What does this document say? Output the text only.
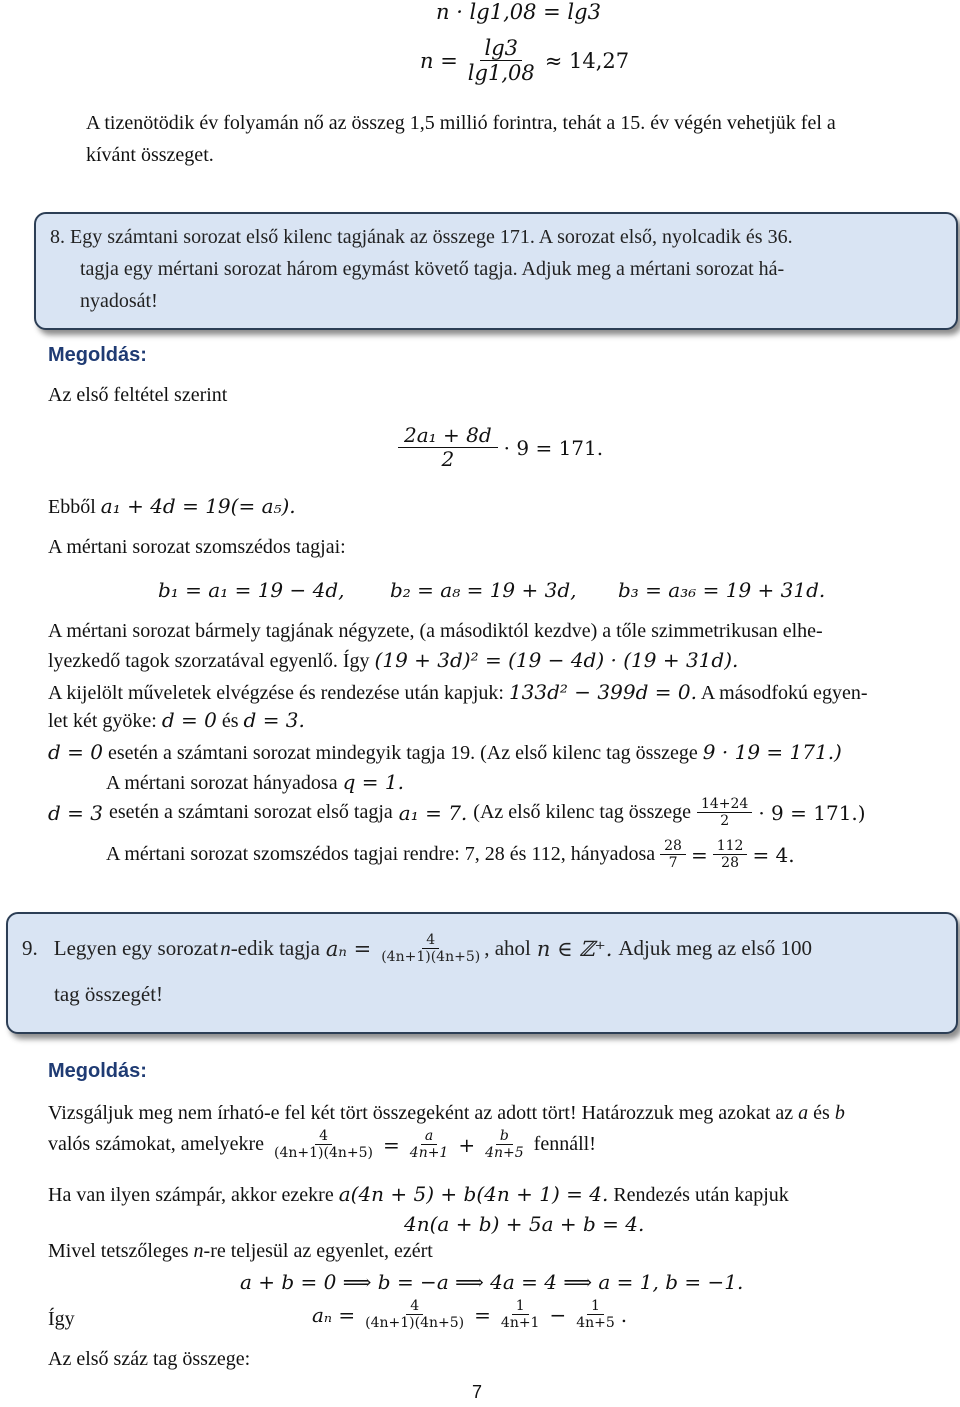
n · lg1,08 = lg3
$n = \frac{\lg 3}{\lg 1,08} \approx 14,27$
A tizenötödik év folyamán nő az összeg 1,5 millió forintra, tehát a 15. év végén vehetjük fel a
kívánt összeget.
8. Egy számtani sorozat első kilenc tagjának az összege 171. A sorozat első, nyolcadik és 36.
tagja egy mértani sorozat három egymást követő tagja. Adjuk meg a mértani sorozat há-
nyadosát!
Megoldás:
Az első feltétel szerint
$\frac{\text{2a₁ + 8d}}{2} \cdot 9 = 171$.
Ebből a₁ + 4d = 19(= a₅).
A mértani sorozat szomszédos tagjai:
b₁ = a₁ = 19 − 4d, b₂ = a₈ = 19 + 3d, b₃ = a₃₆ = 19 + 31d.
A mértani sorozat bármely tagjának négyzete, (a másodiktól kezdve) a tőle szimmetrikusan elhe-
lyezkedő tagok szorzatával egyenlő. Így (19 + 3d)² = (19 − 4d) · (19 + 31d).
A kijelölt műveletek elvégzése és rendezése után kapjuk: 133d² − 399d = 0. A másodfokú egyen-
let két gyöke: d = 0 és d = 3.
d = 0 esetén a számtani sorozat mindegyik tagja 19. (Az első kilenc tag összege 9 · 19 = 171.)
A mértani sorozat hányadosa q = 1.
d = 3 esetén a számtani sorozat első tagja a₁ = 7. (Az első kilenc tag összege $\frac{14+24}{2} \cdot 9 = 171$.)
A mértani sorozat szomszédos tagjai rendre: 7, 28 és 112, hányadosa $\frac{28}{7} = \frac{112}{28} = 4$.
9. Legyen egy sorozat n -edik tagja $a_n = \frac{4}{(4n+1)(4n+5)}$ , ahol n ∈ ℤ⁺. Adjuk meg az első 100
tag összegét!
Megoldás:
Vizsgáljuk meg nem írható-e fel két tört összegeként az adott tört! Határozzuk meg azokat az a és b
valós számokat, amelyekre $\frac{4}{(4n+1)(4n+5)} = \frac{a}{4n+1} + \frac{b}{4n+5}$ fennáll!
Ha van ilyen számpár, akkor ezekre a(4n + 5) + b(4n + 1) = 4. Rendezés után kapjuk
4n(a + b) + 5a + b = 4.
Mivel tetszőleges n-re teljesül az egyenlet, ezért
a + b = 0 ⟹ b = −a ⟹ 4a = 4 ⟹ a = 1, b = −1.
Így	$a_n = \frac{4}{(4n+1)(4n+5)} = \frac{1}{4n+1} - \frac{1}{4n+5}$ .
Az első száz tag összege:
7
